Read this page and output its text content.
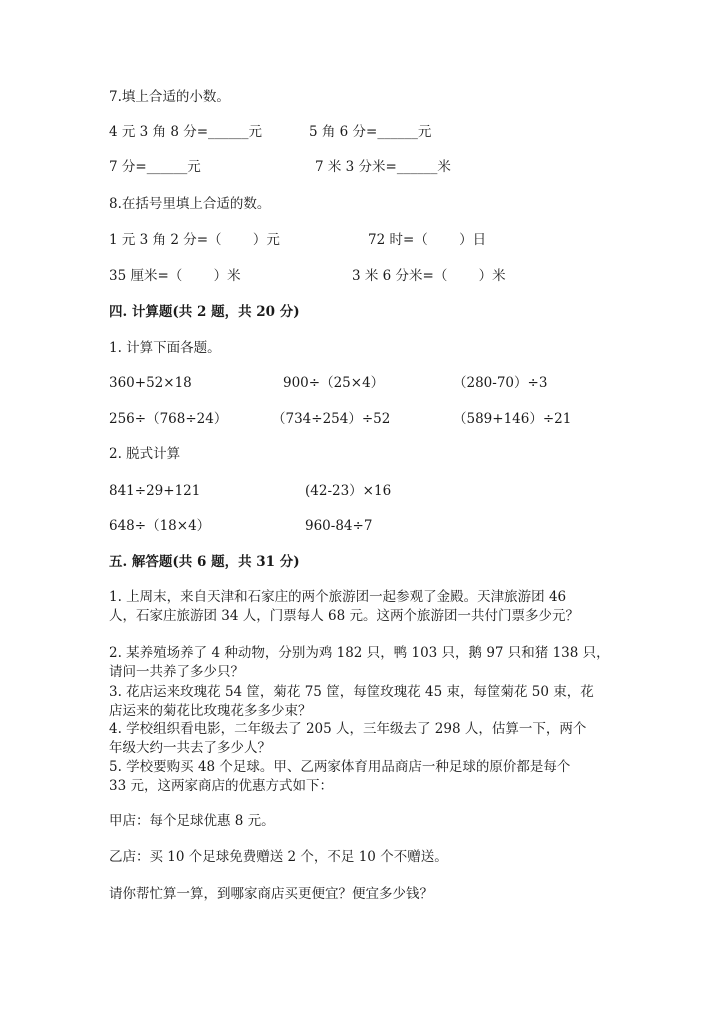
7.填上合适的小数。
4 元 3 角 8 分=______元	5 角 6 分=______元
7 分=______元	7 米 3 分米=______米
8.在括号里填上合适的数。
1 元 3 角 2 分=（　　 ）元	72 时=（　　 ）日
35 厘米=（　　 ）米	3 米 6 分米=（　　 ）米
四. 计算题(共 2 题，共 20 分)
1. 计算下面各题。
360+52×18	900÷（25×4）	（280-70）÷3
256÷（768÷24）	（734÷254）÷52	（589+146）÷21
2. 脱式计算
841÷29+121	(42-23）×16
648÷（18×4）	960-84÷7
五. 解答题(共 6 题，共 31 分)
1. 上周末，来自天津和石家庄的两个旅游团一起参观了金殿。天津旅游团 46
人，石家庄旅游团 34 人，门票每人 68 元。这两个旅游团一共付门票多少元？
2. 某养殖场养了 4 种动物，分别为鸡 182 只，鸭 103 只，鹅 97 只和猪 138 只，
请问一共养了多少只？
3. 花店运来玫瑰花 54 筐，菊花 75 筐，每筐玫瑰花 45 束，每筐菊花 50 束，花
店运来的菊花比玫瑰花多多少束？
4. 学校组织看电影，二年级去了 205 人，三年级去了 298 人，估算一下，两个
年级大约一共去了多少人？
5. 学校要购买 48 个足球。甲、乙两家体育用品商店一种足球的原价都是每个
33 元，这两家商店的优惠方式如下：
甲店：每个足球优惠 8 元。
乙店：买 10 个足球免费赠送 2 个，不足 10 个不赠送。
请你帮忙算一算，到哪家商店买更便宜？便宜多少钱？
